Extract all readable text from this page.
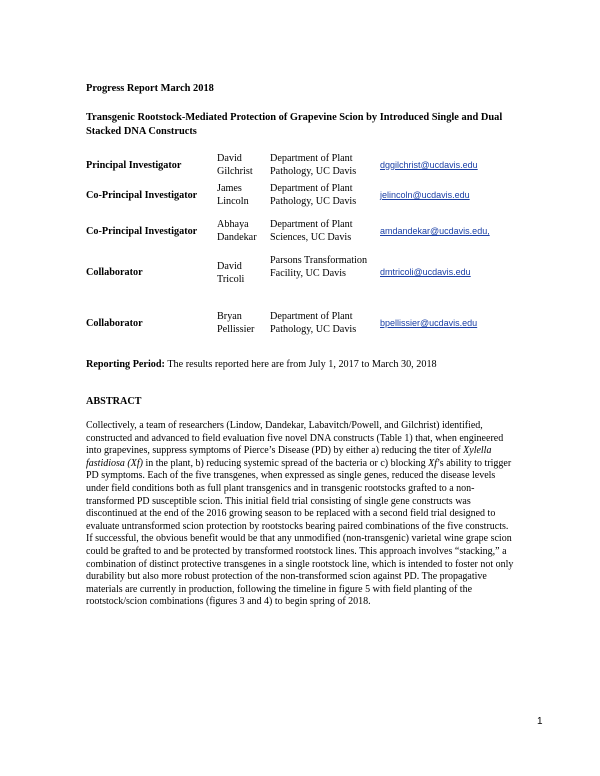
Progress Report March 2018
Transgenic Rootstock-Mediated Protection of Grapevine Scion by Introduced Single and Dual Stacked DNA Constructs
Principal Investigator
David Gilchrist
Department of Plant Pathology, UC Davis
dggilchrist@ucdavis.edu
Co-Principal Investigator
James Lincoln
Department of Plant Pathology, UC Davis
jelincoln@ucdavis.edu
Co-Principal Investigator
Abhaya Dandekar
Department of Plant Sciences, UC Davis
amdandekar@ucdavis.edu,
Collaborator
David Tricoli
Parsons Transformation Facility, UC Davis	dmtricoli@ucdavis.edu
Collaborator
Bryan Pellissier
Department of Plant Pathology, UC Davis
bpellissier@ucdavis.edu
Reporting Period: The results reported here are from July 1, 2017 to March 30, 2018
ABSTRACT
Collectively, a team of researchers (Lindow, Dandekar, Labavitch/Powell, and Gilchrist) identified, constructed and advanced to field evaluation five novel DNA constructs (Table 1) that, when engineered into grapevines, suppress symptoms of Pierce’s Disease (PD) by either a) reducing the titer of Xylella fastidiosa (Xf) in the plant, b) reducing systemic spread of the bacteria or c) blocking Xf’s ability to trigger PD symptoms. Each of the five transgenes, when expressed as single genes, reduced the disease levels under field conditions both as full plant transgenics and in transgenic rootstocks grafted to a non-transformed PD susceptible scion. This initial field trial consisting of single gene constructs was discontinued at the end of the 2016 growing season to be replaced with a second field trial designed to evaluate untransformed scion protection by rootstocks bearing paired combinations of the five constructs. If successful, the obvious benefit would be that any unmodified (non-transgenic) varietal wine grape scion could be grafted to and be protected by transformed rootstock lines. This approach involves “stacking,” a combination of distinct protective transgenes in a single rootstock line, which is intended to foster not only durability but also more robust protection of the non-transformed scion against PD. The propagative materials are currently in production, following the timeline in figure 5 with field planting of the rootstock/scion combinations (figures 3 and 4) to begin spring of 2018.
1
